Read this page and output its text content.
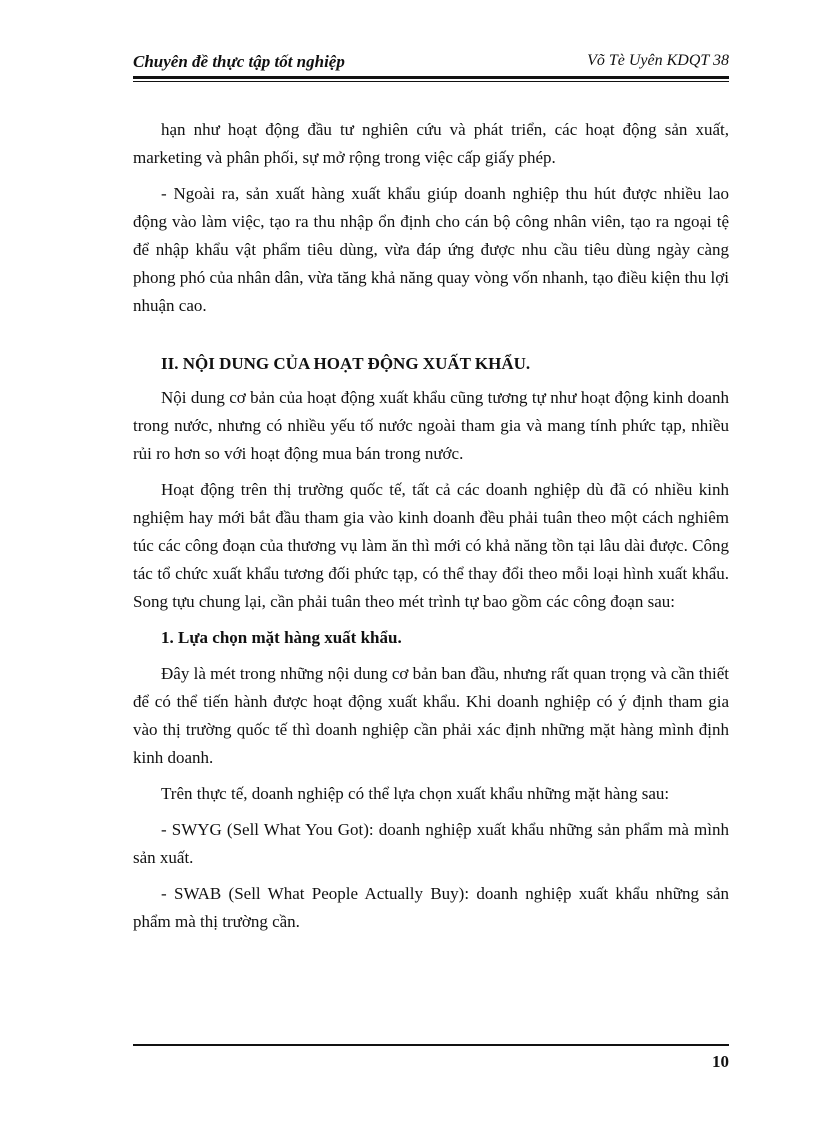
Chuyên đề thực tập tốt nghiệp	Võ Tè Uyên KDQT 38

hạn như hoạt động đầu tư nghiên cứu và phát triển, các hoạt động sản xuất, marketing và phân phối, sự mở rộng trong việc cấp giấy phép.

- Ngoài ra, sản xuất hàng xuất khẩu giúp doanh nghiệp thu hút được nhiều lao động vào làm việc, tạo ra thu nhập ổn định cho cán bộ công nhân viên, tạo ra ngoại tệ để nhập khẩu vật phẩm tiêu dùng, vừa đáp ứng được nhu cầu tiêu dùng ngày càng phong phó của nhân dân, vừa tăng khả năng quay vòng vốn nhanh, tạo điều kiện thu lợi nhuận cao.

II. NỘI DUNG CỦA HOẠT ĐỘNG XUẤT KHẨU.

Nội dung cơ bản của hoạt động xuất khẩu cũng tương tự như hoạt động kinh doanh trong nước, nhưng có nhiều yếu tố nước ngoài tham gia và mang tính phức tạp, nhiều rủi ro hơn so với hoạt động mua bán trong nước.

Hoạt động trên thị trường quốc tế, tất cả các doanh nghiệp dù đã có nhiều kinh nghiệm hay mới bắt đầu tham gia vào kinh doanh đều phải tuân theo một cách nghiêm túc các công đoạn của thương vụ làm ăn thì mới có khả năng tồn tại lâu dài được. Công tác tổ chức xuất khẩu tương đối phức tạp, có thể thay đổi theo mỗi loại hình xuất khẩu. Song tựu chung lại, cần phải tuân theo mét trình tự bao gồm các công đoạn sau:

1. Lựa chọn mặt hàng xuất khẩu.

Đây là mét trong những nội dung cơ bản ban đầu, nhưng rất quan trọng và cần thiết để có thể tiến hành được hoạt động xuất khẩu. Khi doanh nghiệp có ý định tham gia vào thị trường quốc tế thì doanh nghiệp cần phải xác định những mặt hàng mình định kinh doanh.

Trên thực tế, doanh nghiệp có thể lựa chọn xuất khẩu những mặt hàng sau:

- SWYG (Sell What You Got): doanh nghiệp xuất khẩu những sản phẩm mà mình sản xuất.

- SWAB (Sell What People Actually Buy): doanh nghiệp xuất khẩu những sản phẩm mà thị trường cần.

10
